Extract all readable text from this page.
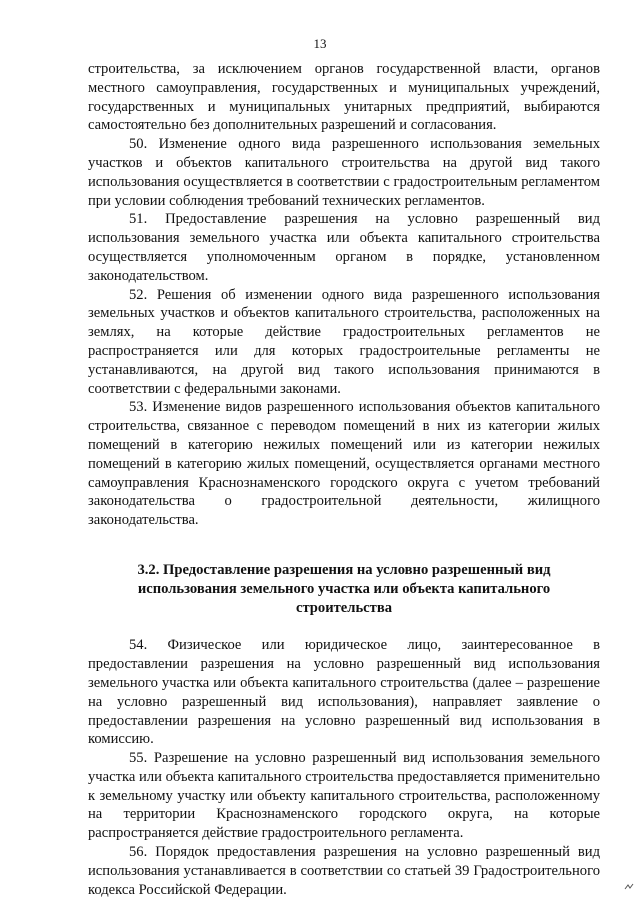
13

строительства, за исключением органов государственной власти, органов местного самоуправления, государственных и муниципальных учреждений, государственных и муниципальных унитарных предприятий, выбираются самостоятельно без дополнительных разрешений и согласования.

50. Изменение одного вида разрешенного использования земельных участков и объектов капитального строительства на другой вид такого использования осуществляется в соответствии с градостроительным регламентом при условии соблюдения требований технических регламентов.

51. Предоставление разрешения на условно разрешенный вид использования земельного участка или объекта капитального строительства осуществляется уполномоченным органом в порядке, установленном законодательством.

52. Решения об изменении одного вида разрешенного использования земельных участков и объектов капитального строительства, расположенных на землях, на которые действие градостроительных регламентов не распространяется или для которых градостроительные регламенты не устанавливаются, на другой вид такого использования принимаются в соответствии с федеральными законами.

53. Изменение видов разрешенного использования объектов капитального строительства, связанное с переводом помещений в них из категории жилых помещений в категорию нежилых помещений или из категории нежилых помещений в категорию жилых помещений, осуществляется органами местного самоуправления Краснознаменского городского округа с учетом требований законодательства о градостроительной деятельности, жилищного законодательства.

3.2. Предоставление разрешения на условно разрешенный вид использования земельного участка или объекта капитального строительства

54. Физическое или юридическое лицо, заинтересованное в предоставлении разрешения на условно разрешенный вид использования земельного участка или объекта капитального строительства (далее – разрешение на условно разрешенный вид использования), направляет заявление о предоставлении разрешения на условно разрешенный вид использования в комиссию.

55. Разрешение на условно разрешенный вид использования земельного участка или объекта капитального строительства предоставляется применительно к земельному участку или объекту капитального строительства, расположенному на территории Краснознаменского городского округа, на которые распространяется действие градостроительного регламента.

56. Порядок предоставления разрешения на условно разрешенный вид использования устанавливается в соответствии со статьей 39 Градостроительного кодекса Российской Федерации.
